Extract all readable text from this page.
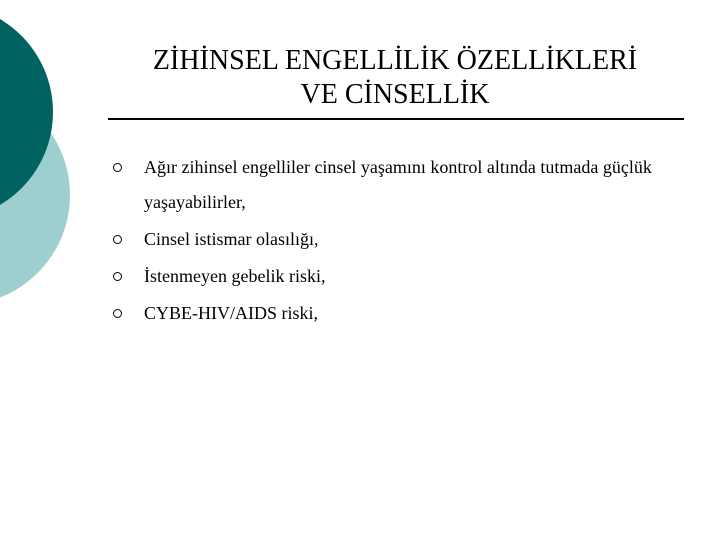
ZİHİNSEL ENGELLİLİK ÖZELLİKLERİ
VE CİNSELLİK
Ağır zihinsel engelliler cinsel yaşamını kontrol altında tutmada güçlük yaşayabilirler,
Cinsel istismar olasılığı,
İstenmeyen gebelik riski,
CYBE-HIV/AIDS riski,
